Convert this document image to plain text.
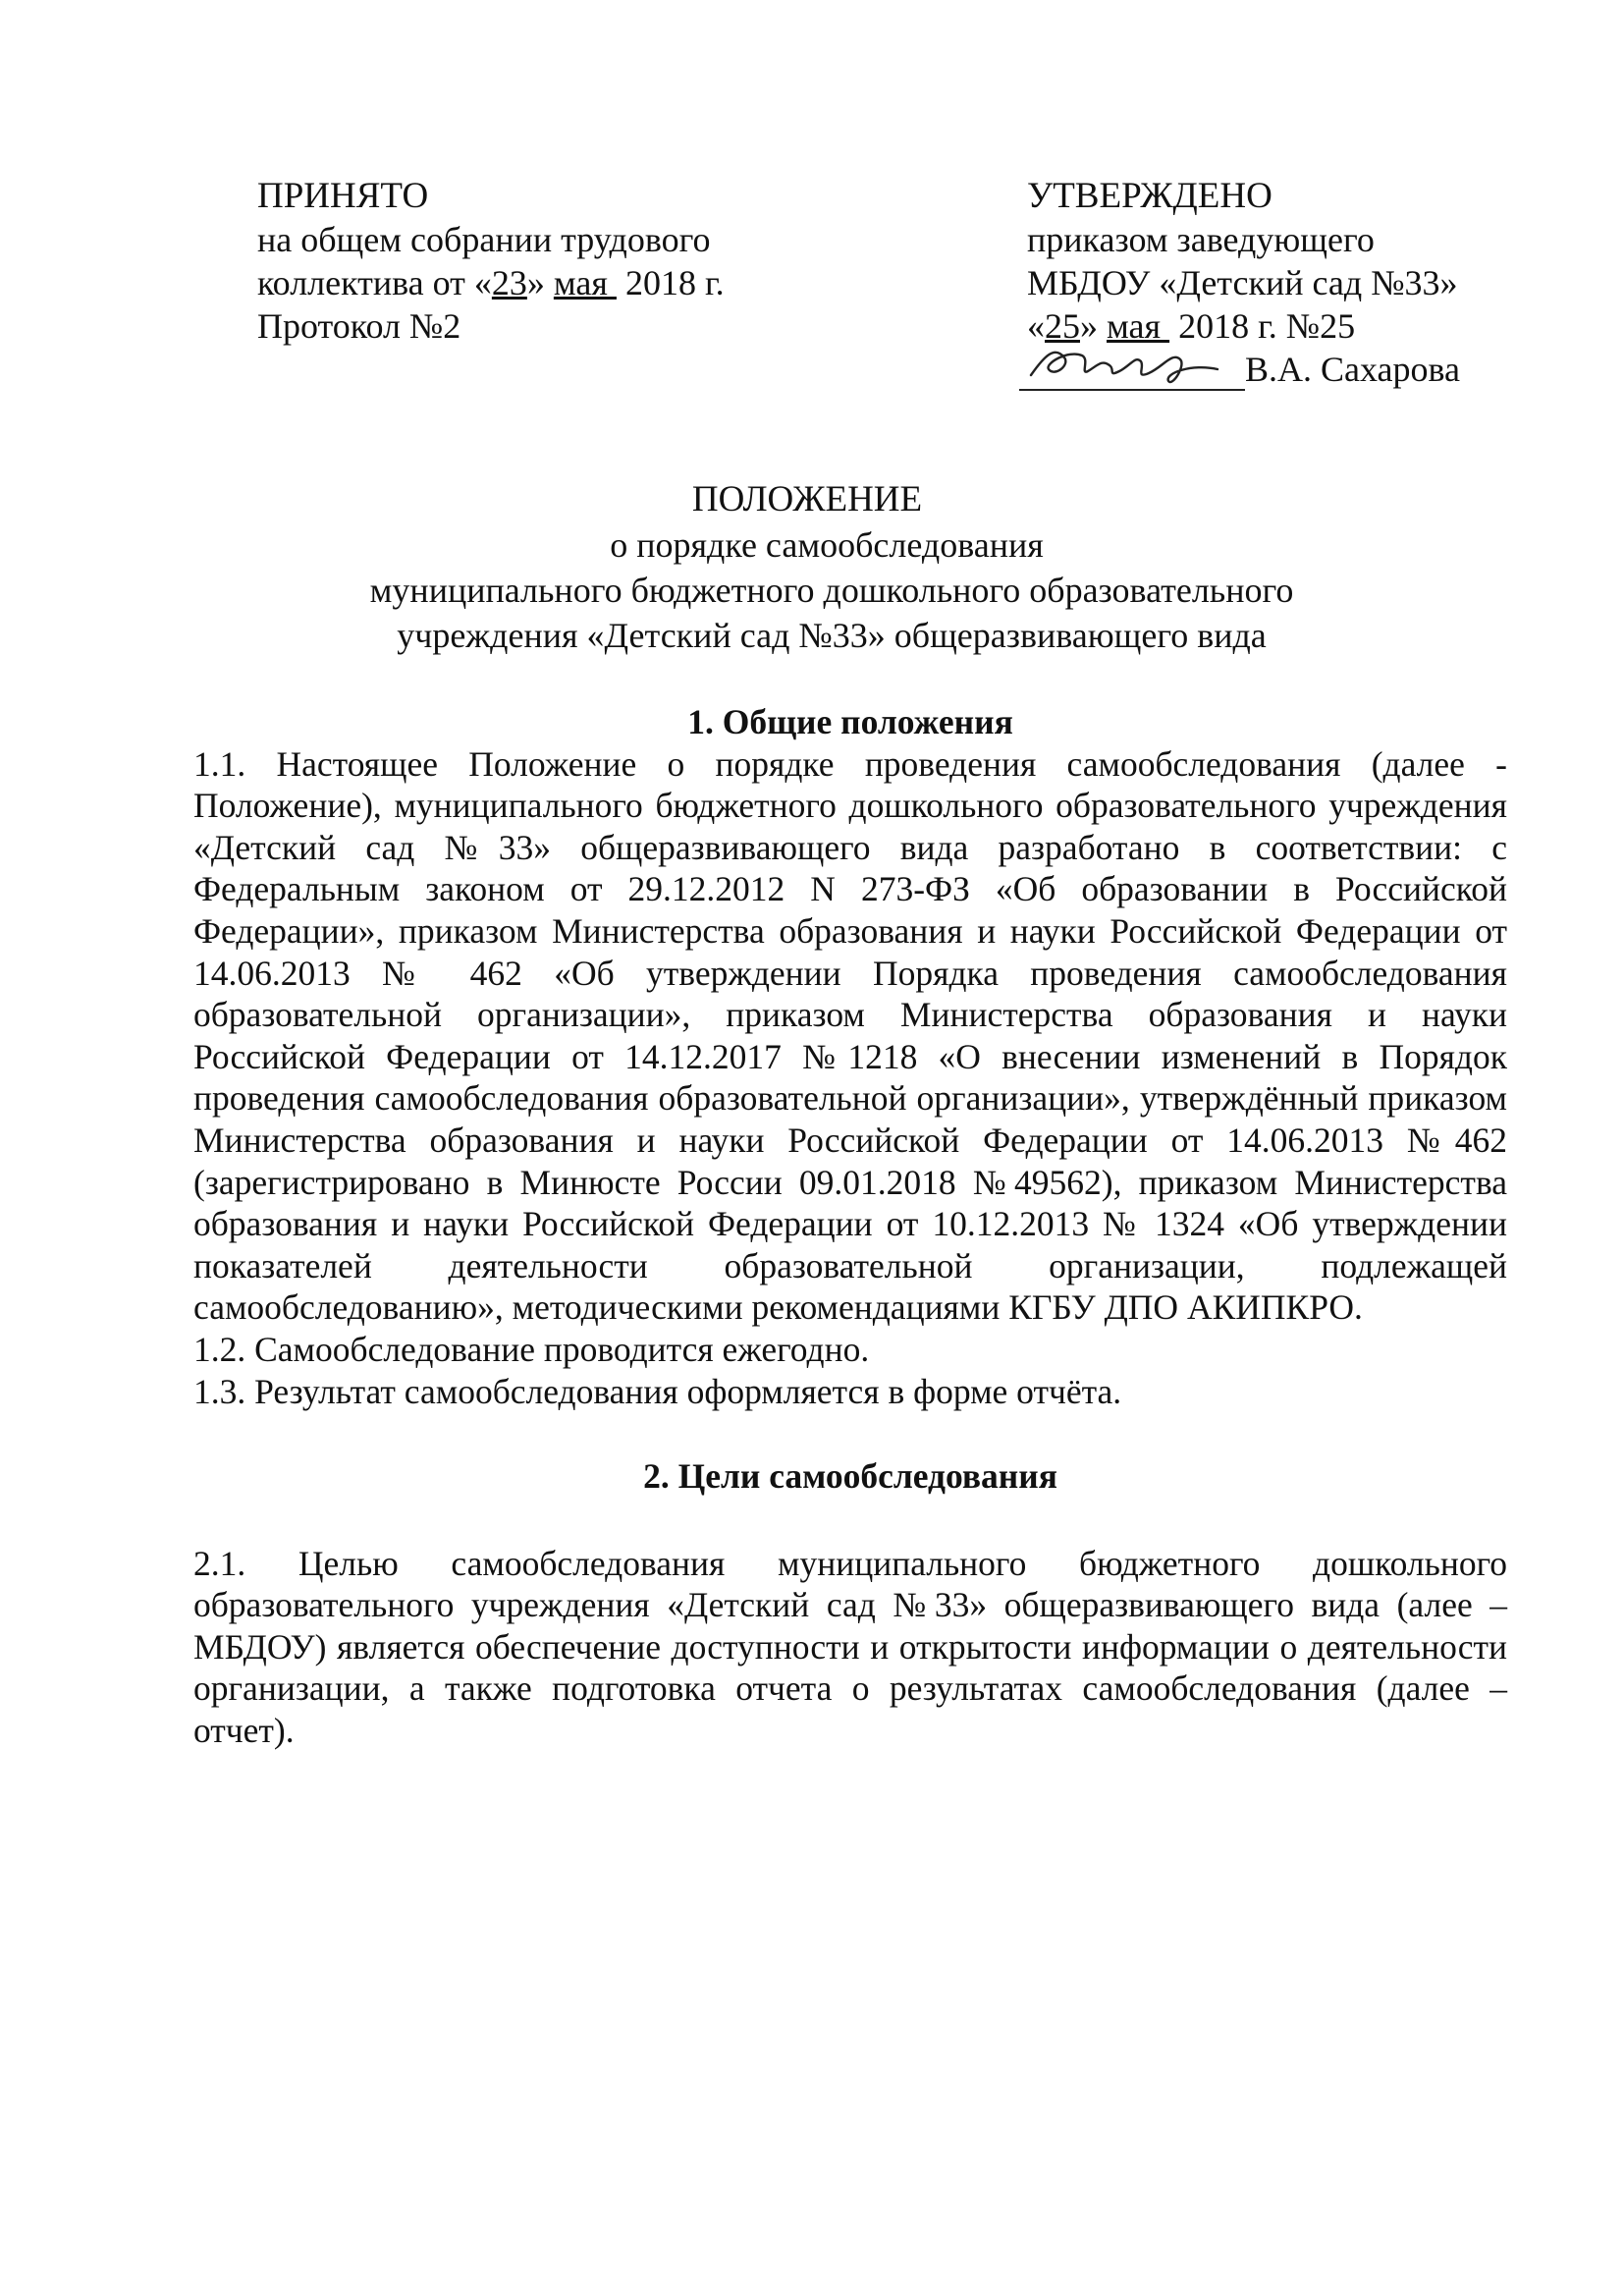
ПРИНЯТО
на общем собрании трудового
коллектива от «23» мая  2018 г.
Протокол №2
УТВЕРЖДЕНО
приказом заведующего
МБДОУ «Детский сад №33»
«25» мая  2018 г. №25
В.А. Сахарова
ПОЛОЖЕНИЕ
о порядке самообследования
муниципального бюджетного дошкольного образовательного
учреждения «Детский сад №33» общеразвивающего вида

1. Общие положения

1.1. Настоящее Положение о порядке проведения самообследования (далее - Положение), муниципального бюджетного дошкольного образовательного учреждения «Детский сад №33» общеразвивающего вида разработано в соответствии: с Федеральным законом от 29.12.2012 N 273-ФЗ «Об образовании в Российской Федерации», приказом Министерства образования и науки Российской Федерации от 14.06.2013 № 462 «Об утверждении Порядка проведения самообследования образовательной организации», приказом Министерства образования и науки Российской Федерации от 14.12.2017 №1218 «О внесении изменений в Порядок проведения самообследования образовательной организации», утверждённый приказом Министерства образования и науки Российской Федерации от 14.06.2013 №462 (зарегистрировано в Минюсте России 09.01.2018 №49562), приказом Министерства образования и науки Российской Федерации от 10.12.2013 № 1324 «Об утверждении показателей деятельности образовательной организации, подлежащей самообследованию», методическими рекомендациями КГБУ ДПО АКИПКРО.

1.2. Самообследование проводится ежегодно.

1.3. Результат самообследования оформляется в форме отчёта.

2. Цели самообследования

2.1. Целью самообследования муниципального бюджетного дошкольного образовательного учреждения «Детский сад №33» общеразвивающего вида (алее – МБДОУ) является обеспечение доступности и открытости информации о деятельности организации, а также подготовка отчета о результатах самообследования (далее – отчет).
